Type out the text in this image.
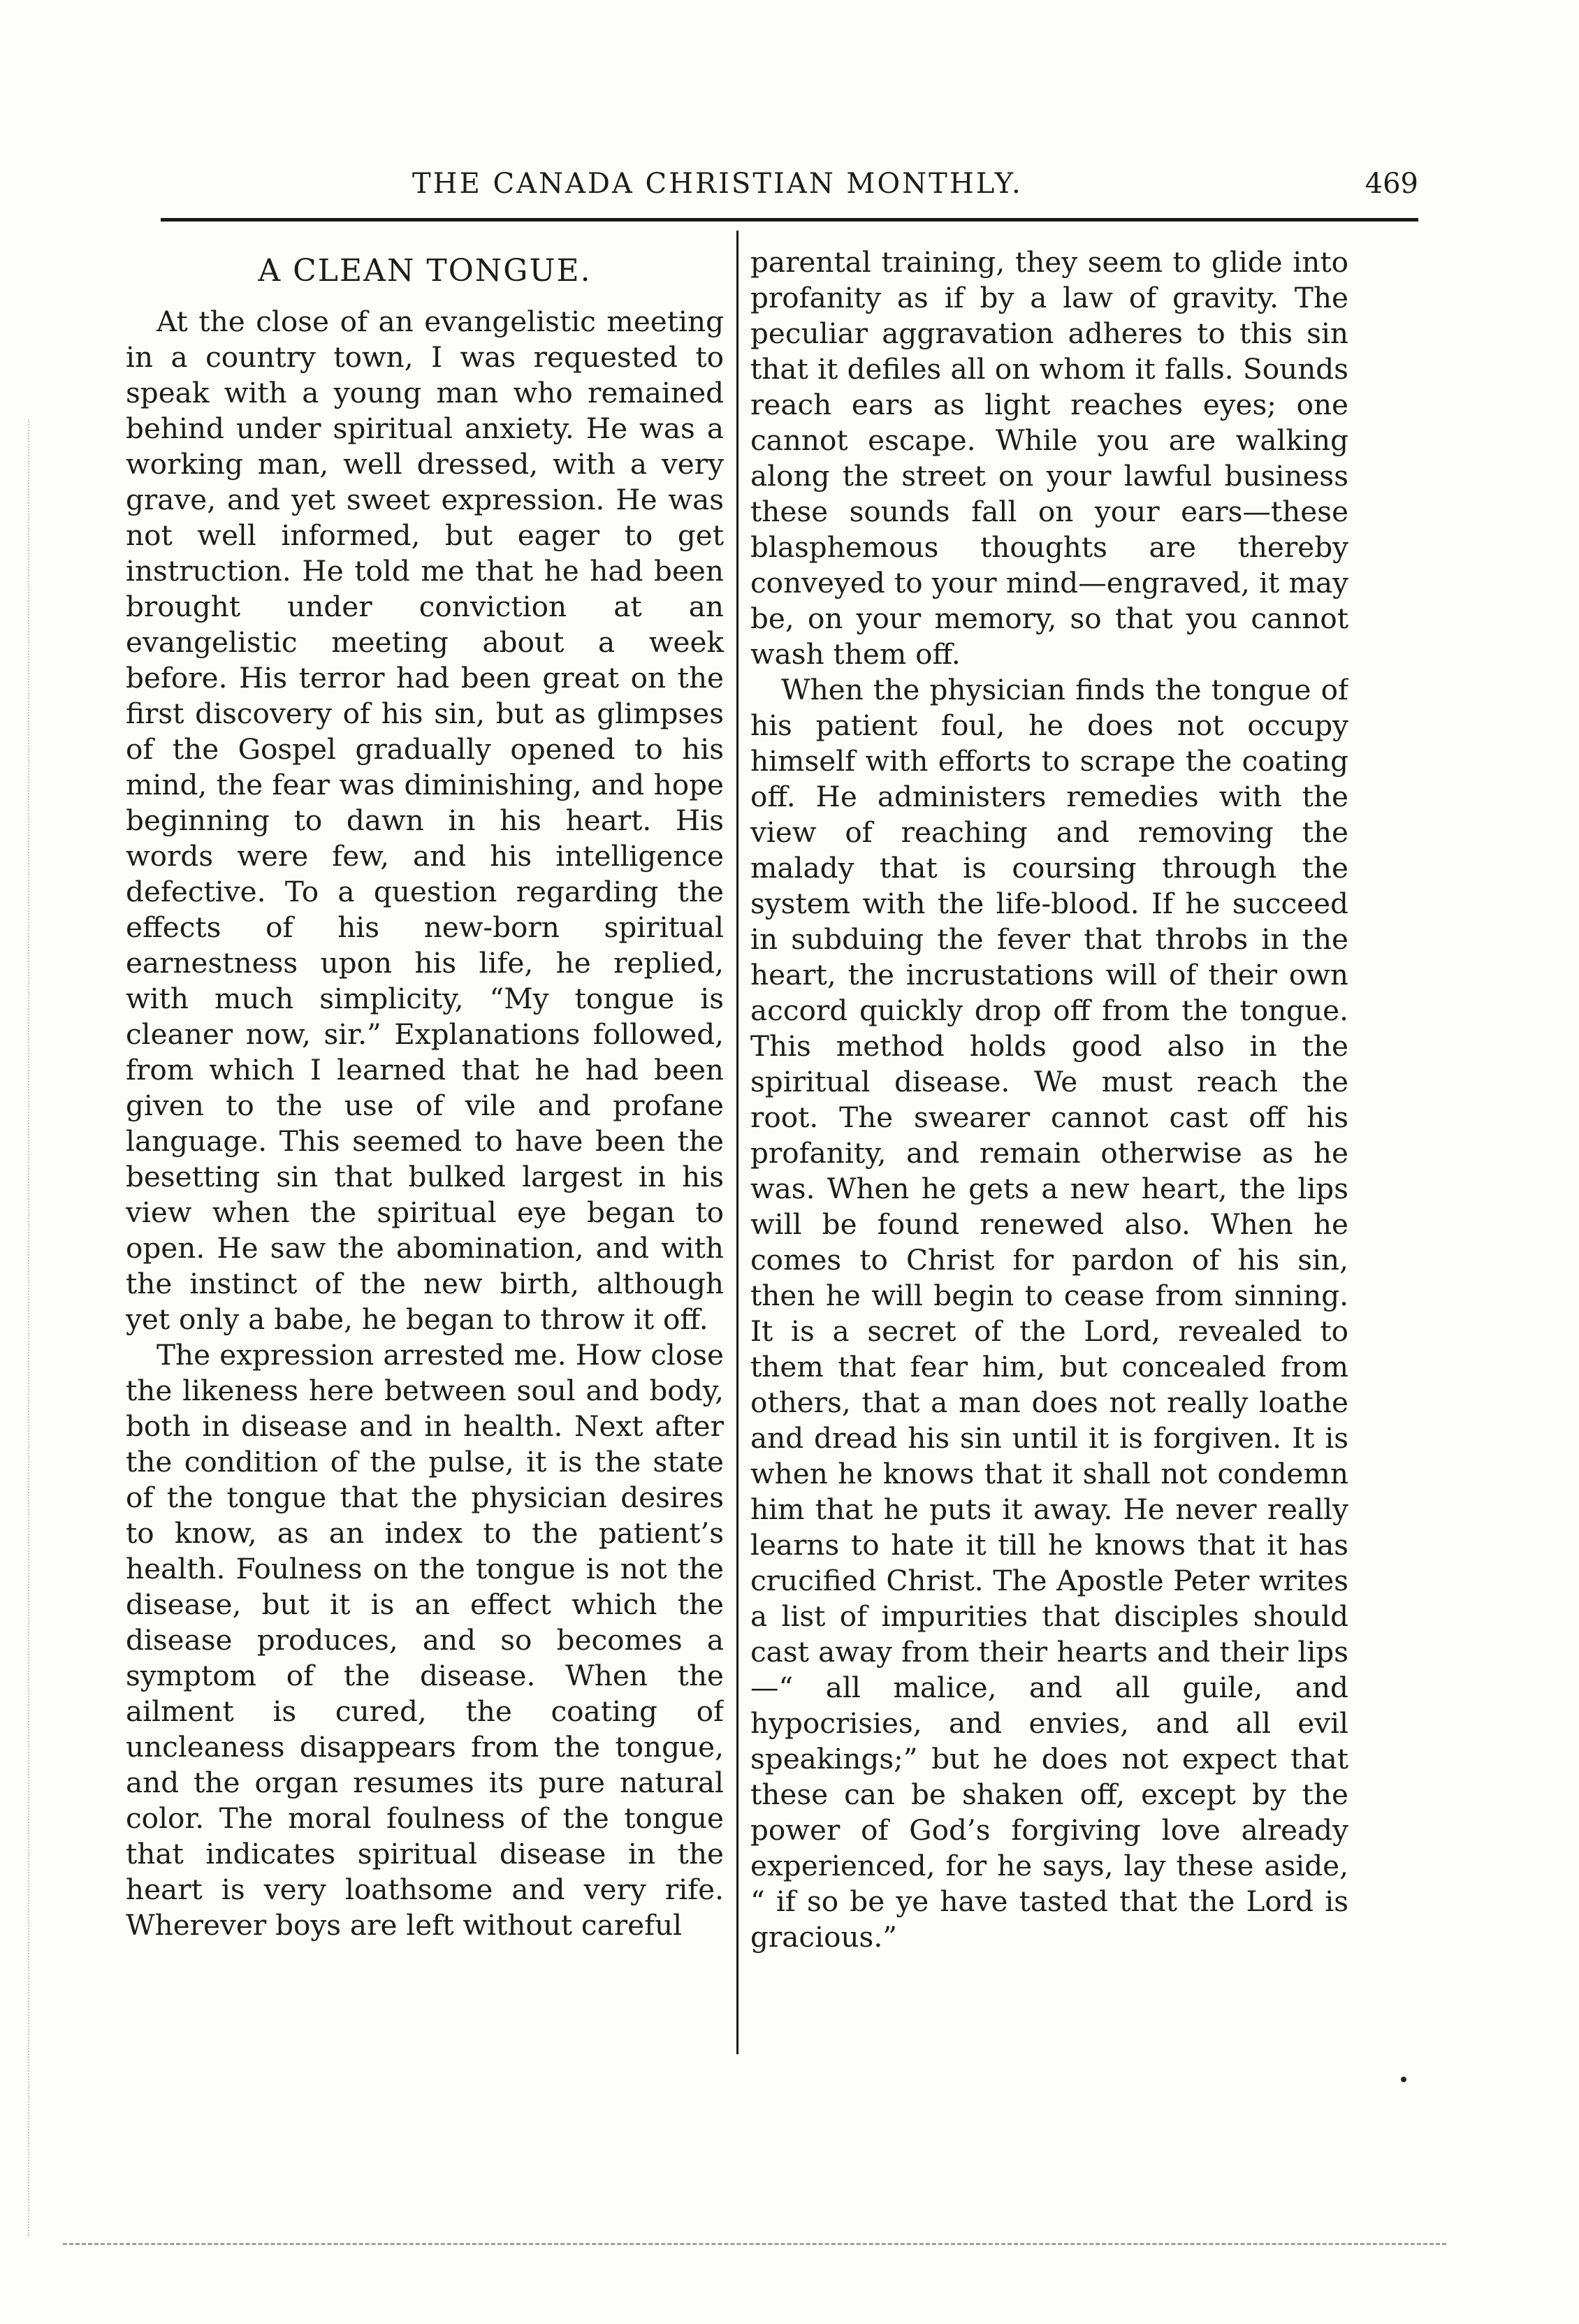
THE CANADA CHRISTIAN MONTHLY.	469
A CLEAN TONGUE.

At the close of an evangelistic meeting in a country town, I was requested to speak with a young man who remained behind under spiritual anxiety. He was a working man, well dressed, with a very grave, and yet sweet expression. He was not well informed, but eager to get instruction. He told me that he had been brought under conviction at an evangelistic meeting about a week before. His terror had been great on the first discovery of his sin, but as glimpses of the Gospel gradually opened to his mind, the fear was diminishing, and hope beginning to dawn in his heart. His words were few, and his intelligence defective. To a question regarding the effects of his new-born spiritual earnestness upon his life, he replied, with much simplicity, “My tongue is cleaner now, sir.” Explanations followed, from which I learned that he had been given to the use of vile and profane language. This seemed to have been the besetting sin that bulked largest in his view when the spiritual eye began to open. He saw the abomination, and with the instinct of the new birth, although yet only a babe, he began to throw it off.

The expression arrested me. How close the likeness here between soul and body, both in disease and in health. Next after the condition of the pulse, it is the state of the tongue that the physician desires to know, as an index to the patient’s health. Foulness on the tongue is not the disease, but it is an effect which the disease produces, and so becomes a symptom of the disease. When the ailment is cured, the coating of uncleaness disappears from the tongue, and the organ resumes its pure natural color. The moral foulness of the tongue that indicates spiritual disease in the heart is very loathsome and very rife. Wherever boys are left without careful

parental training, they seem to glide into profanity as if by a law of gravity. The peculiar aggravation adheres to this sin that it defiles all on whom it falls. Sounds reach ears as light reaches eyes; one cannot escape. While you are walking along the street on your lawful business these sounds fall on your ears—these blasphemous thoughts are thereby conveyed to your mind—engraved, it may be, on your memory, so that you cannot wash them off.

When the physician finds the tongue of his patient foul, he does not occupy himself with efforts to scrape the coating off. He administers remedies with the view of reaching and removing the malady that is coursing through the system with the life-blood. If he succeed in subduing the fever that throbs in the heart, the incrustations will of their own accord quickly drop off from the tongue. This method holds good also in the spiritual disease. We must reach the root. The swearer cannot cast off his profanity, and remain otherwise as he was. When he gets a new heart, the lips will be found renewed also. When he comes to Christ for pardon of his sin, then he will begin to cease from sinning. It is a secret of the Lord, revealed to them that fear him, but concealed from others, that a man does not really loathe and dread his sin until it is forgiven. It is when he knows that it shall not condemn him that he puts it away. He never really learns to hate it till he knows that it has crucified Christ. The Apostle Peter writes a list of impurities that disciples should cast away from their hearts and their lips—“ all malice, and all guile, and hypocrisies, and envies, and all evil speakings;” but he does not expect that these can be shaken off, except by the power of God’s forgiving love already experienced, for he says, lay these aside, “ if so be ye have tasted that the Lord is gracious.”
